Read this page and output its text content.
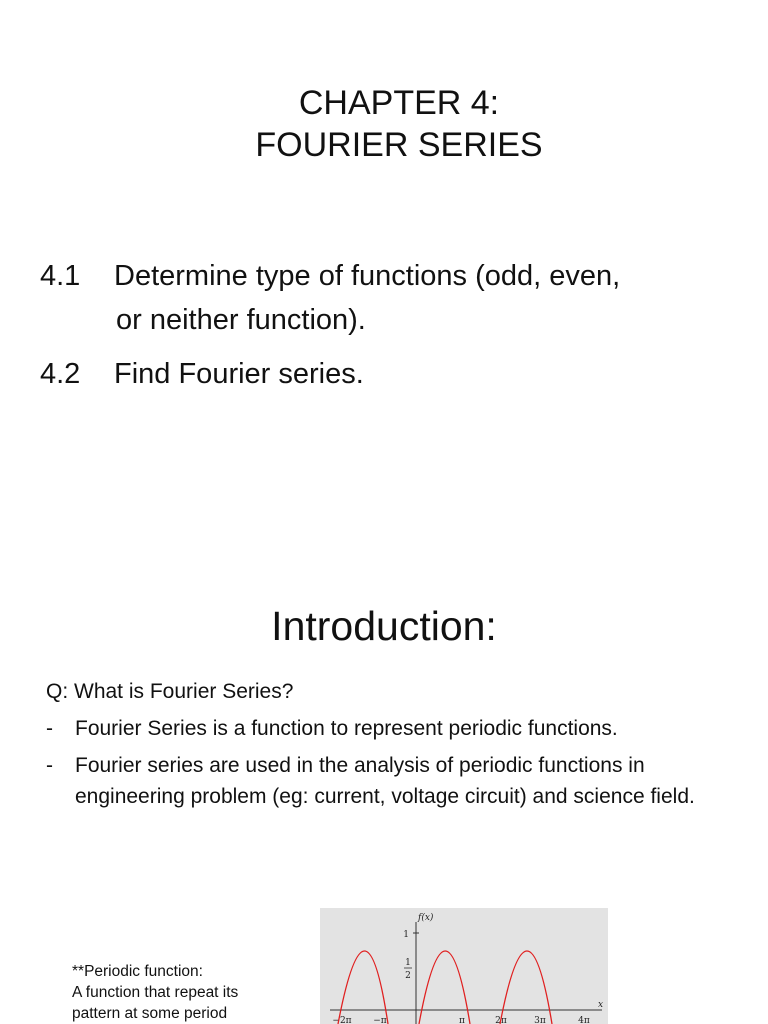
CHAPTER 4:
FOURIER SERIES
4.1 Determine type of functions (odd, even,
or neither function).
4.2 Find Fourier series.
Introduction:

Q: What is Fourier Series?

- Fourier Series is a function to represent periodic functions.
- Fourier series are used in the analysis of periodic functions in engineering problem (eg: current, voltage circuit) and science field.

**Periodic function:

A function that repeat its

pattern at some period

f(x)
1
1
2
x
−2π −π	π	2π	3π	4π
